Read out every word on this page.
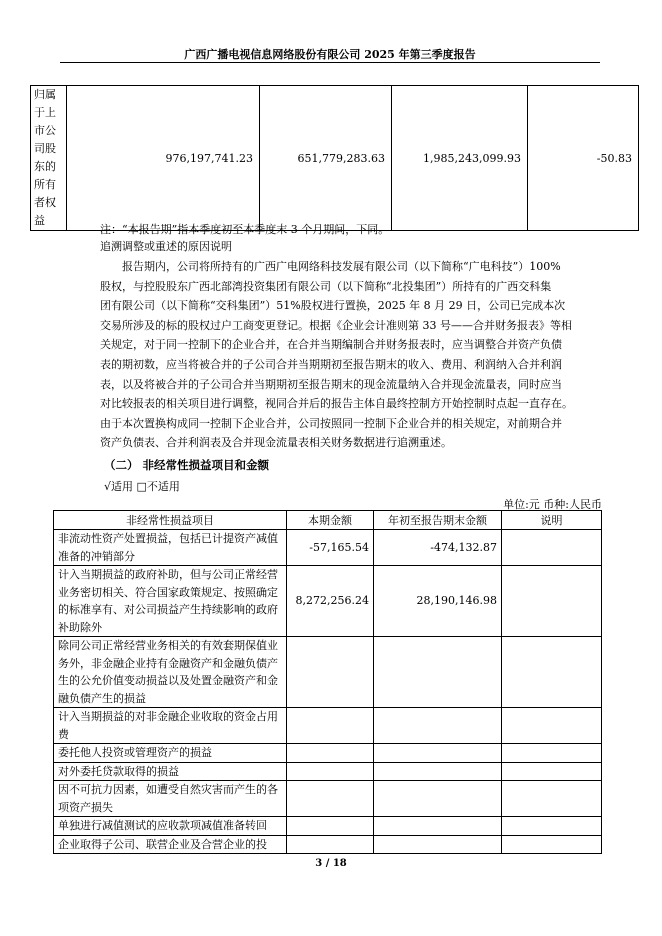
广西广播电视信息网络股份有限公司 2025 年第三季度报告
归属
于上
市公
司股
东的
所有
者权
益
	976,197,741.23	651,779,283.63	1,985,243,099.93	-50.83
注：“本报告期”指本季度初至本季度末 3 个月期间，下同。
追溯调整或重述的原因说明
报告期内，公司将所持有的广西广电网络科技发展有限公司（以下简称“广电科技”）100%
股权，与控股股东广西北部湾投资集团有限公司（以下简称“北投集团”）所持有的广西交科集
团有限公司（以下简称“交科集团”）51%股权进行置换，2025 年 8 月 29 日，公司已完成本次
交易所涉及的标的股权过户工商变更登记。根据《企业会计准则第 33 号——合并财务报表》等相
关规定，对于同一控制下的企业合并，在合并当期编制合并财务报表时，应当调整合并资产负债
表的期初数，应当将被合并的子公司合并当期期初至报告期末的收入、费用、利润纳入合并利润
表，以及将被合并的子公司合并当期期初至报告期末的现金流量纳入合并现金流量表，同时应当
对比较报表的相关项目进行调整，视同合并后的报告主体自最终控制方开始控制时点起一直存在。
由于本次置换构成同一控制下企业合并，公司按照同一控制下企业合并的相关规定，对前期合并
资产负债表、合并利润表及合并现金流量表相关财务数据进行追溯重述。
（二） 非经常性损益项目和金额
√适用 □不适用
单位:元 币种:人民币
非经常性损益项目	本期金额	年初至报告期末金额	说明
非流动性资产处置损益，包括已计提资产减值准备的冲销部分	-57,165.54	-474,132.87	
计入当期损益的政府补助，但与公司正常经营业务密切相关、符合国家政策规定、按照确定的标准享有、对公司损益产生持续影响的政府补助除外	8,272,256.24	28,190,146.98	
除同公司正常经营业务相关的有效套期保值业务外，非金融企业持有金融资产和金融负债产生的公允价值变动损益以及处置金融资产和金融负债产生的损益			
计入当期损益的对非金融企业收取的资金占用费			
委托他人投资或管理资产的损益			
对外委托贷款取得的损益			
因不可抗力因素，如遭受自然灾害而产生的各项资产损失			
单独进行减值测试的应收款项减值准备转回			
企业取得子公司、联营企业及合营企业的投			
3 / 18
